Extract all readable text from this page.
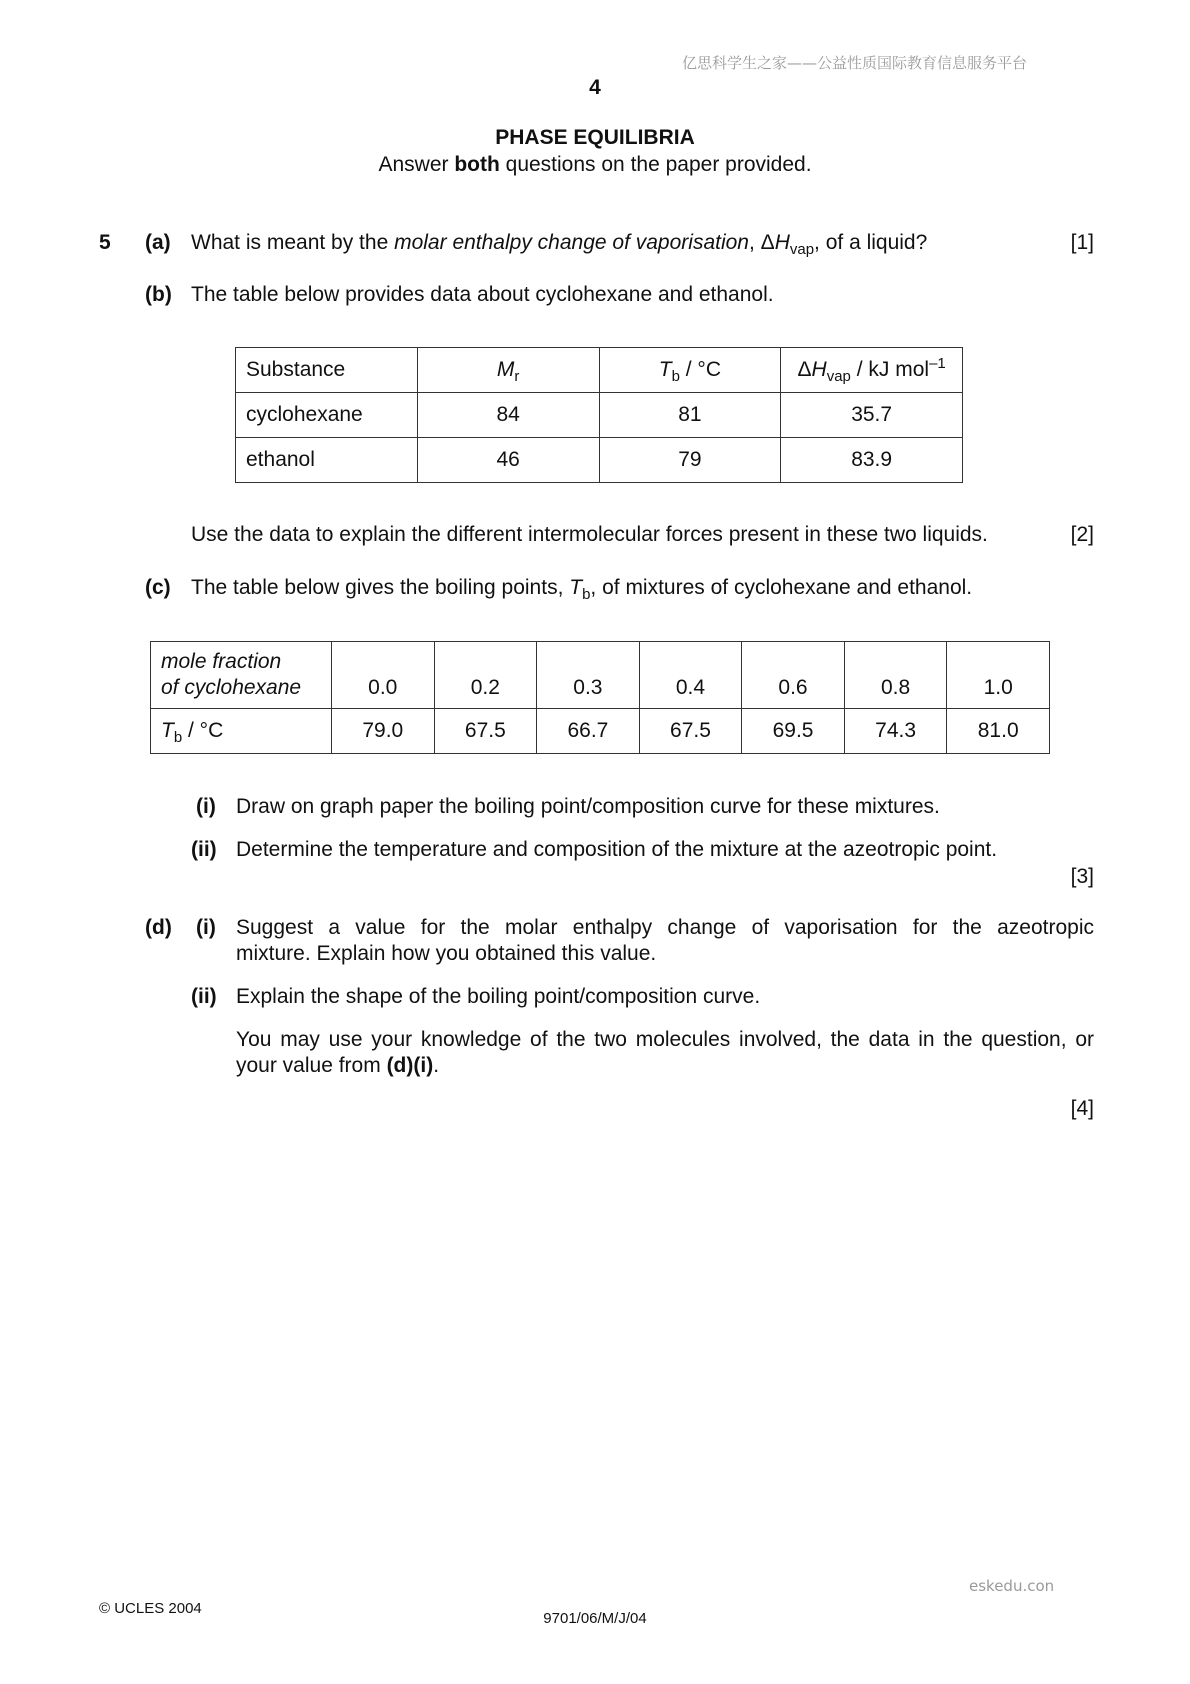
亿思科学生之家——公益性质国际教育信息服务平台
4
PHASE EQUILIBRIA
Answer both questions on the paper provided.
5 (a) What is meant by the molar enthalpy change of vaporisation, $\Delta H_{vap}$, of a liquid?	[1]
(b) The table below provides data about cyclohexane and ethanol.
Substance	$M_r$	$T_b / ^\circ C$	$\Delta H_{vap}$ / kJ mol$^{-1}$
cyclohexane	84	81	35.7
ethanol	46	79	83.9
Use the data to explain the different intermolecular forces present in these two liquids.	[2]
(c) The table below gives the boiling points, $T_b$, of mixtures of cyclohexane and ethanol.
mole fraction
of cyclohexane	0.0	0.2	0.3	0.4	0.6	0.8	1.0
$T_b / ^\circ C$	79.0	67.5	66.7	67.5	69.5	74.3	81.0
(i) Draw on graph paper the boiling point/composition curve for these mixtures.
(ii) Determine the temperature and composition of the mixture at the azeotropic point.
[3]
(d) (i) Suggest a value for the molar enthalpy change of vaporisation for the azeotropic
mixture. Explain how you obtained this value.
(ii) Explain the shape of the boiling point/composition curve.
You may use your knowledge of the two molecules involved, the data in the question, or
your value from (d)(i).
[4]
eskedu.con
© UCLES 2004
9701/06/M/J/04
